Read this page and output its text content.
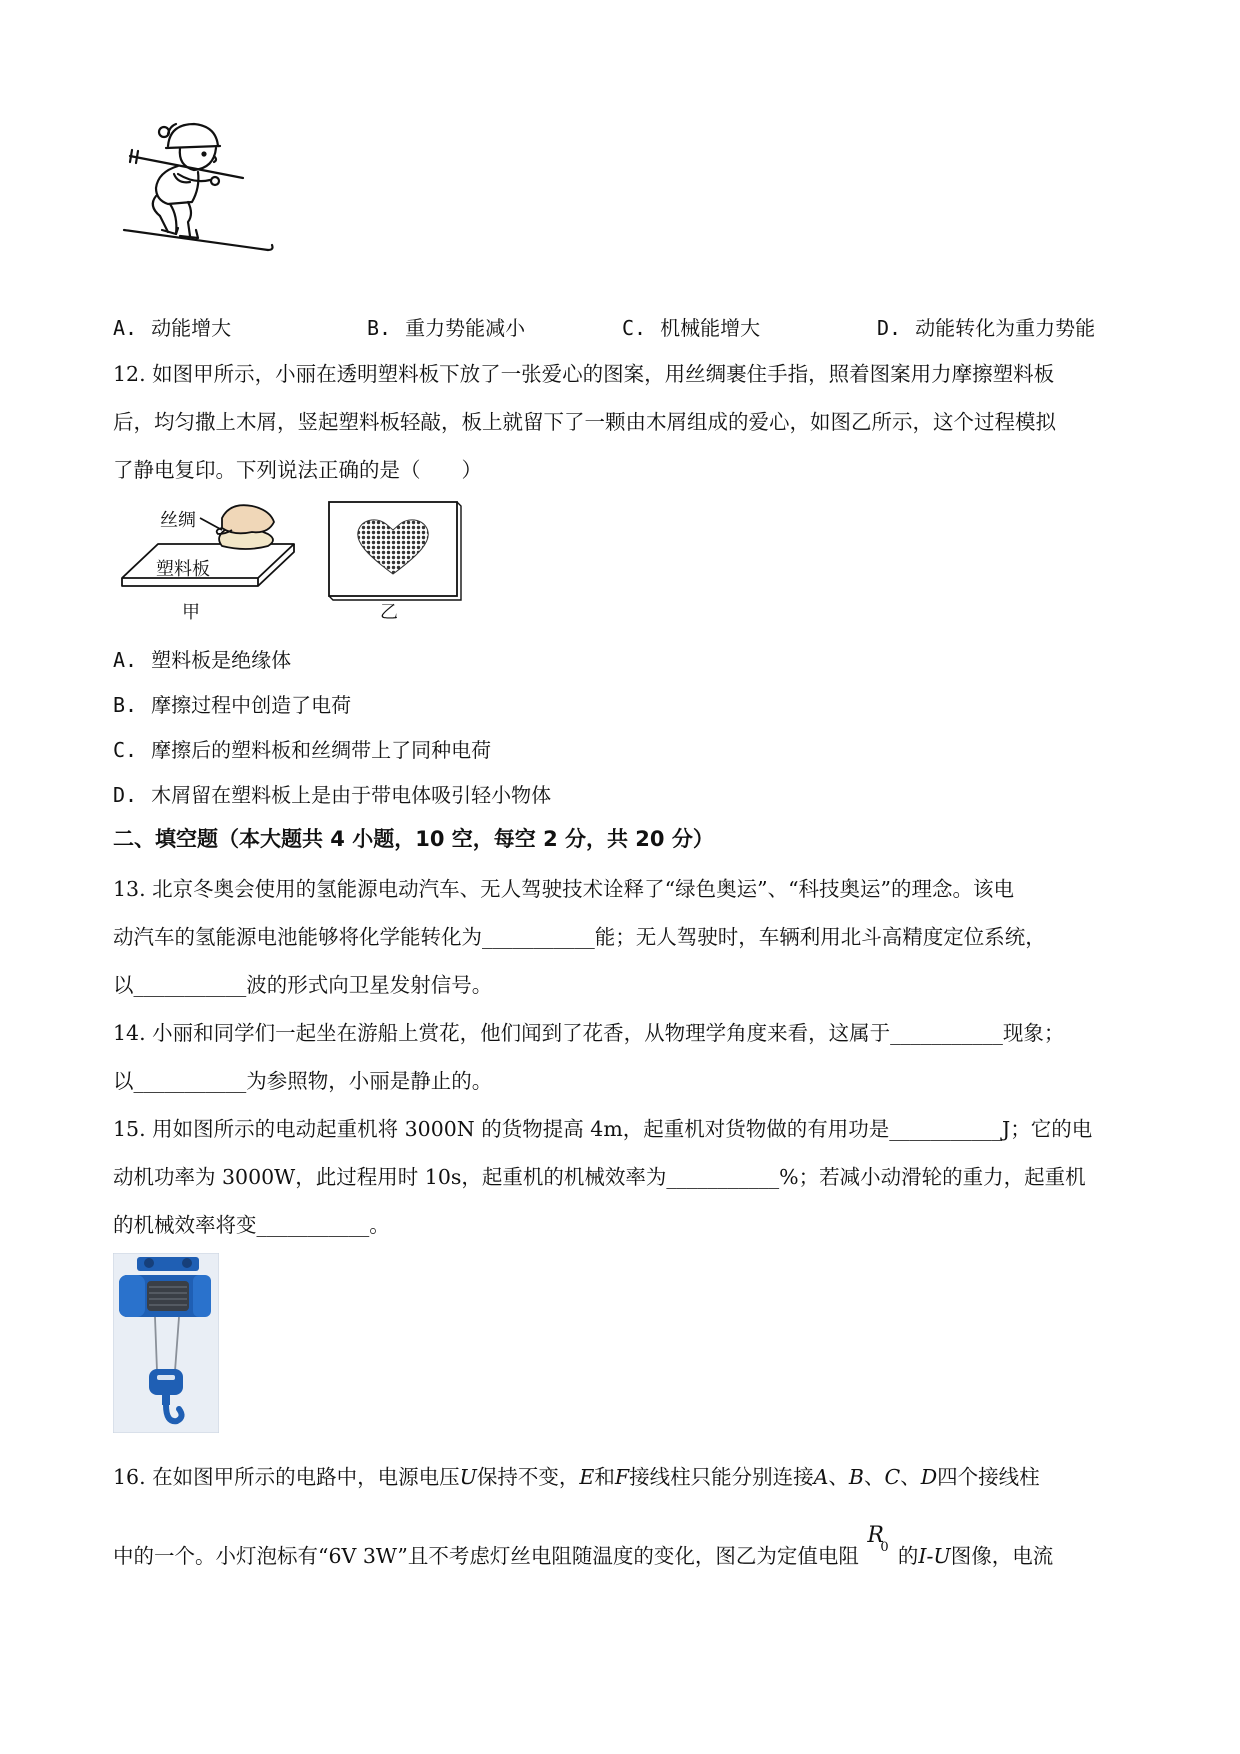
A. 动能增大	B. 重力势能减小	C. 机械能增大	D. 动能转化为重力势能
12. 如图甲所示，小丽在透明塑料板下放了一张爱心的图案，用丝绸裹住手指，照着图案用力摩擦塑料板
后，均匀撒上木屑，竖起塑料板轻敲，板上就留下了一颗由木屑组成的爱心，如图乙所示，这个过程模拟
了静电复印。下列说法正确的是（　　）
丝绸
塑料板
甲	乙
A. 塑料板是绝缘体
B. 摩擦过程中创造了电荷
C. 摩擦后的塑料板和丝绸带上了同种电荷
D. 木屑留在塑料板上是由于带电体吸引轻小物体
二、填空题（本大题共 4 小题，10 空，每空 2 分，共 20 分）
13. 北京冬奥会使用的氢能源电动汽车、无人驾驶技术诠释了“绿色奥运”、“科技奥运”的理念。该电
动汽车的氢能源电池能够将化学能转化为___________能；无人驾驶时，车辆利用北斗高精度定位系统，
以___________波的形式向卫星发射信号。
14. 小丽和同学们一起坐在游船上赏花，他们闻到了花香，从物理学角度来看，这属于___________现象；
以___________为参照物，小丽是静止的。
15. 用如图所示的电动起重机将 3000N 的货物提高 4m，起重机对货物做的有用功是___________J；它的电
动机功率为 3000W，此过程用时 10s，起重机的机械效率为___________%；若减小动滑轮的重力，起重机
的机械效率将变___________。
16. 在如图甲所示的电路中，电源电压U保持不变，E和F接线柱只能分别连接A、B、C、D四个接线柱
中的一个。小灯泡标有“6V 3W”且不考虑灯丝电阻随温度的变化，图乙为定值电阻
R
0 的I-U图像，电流
